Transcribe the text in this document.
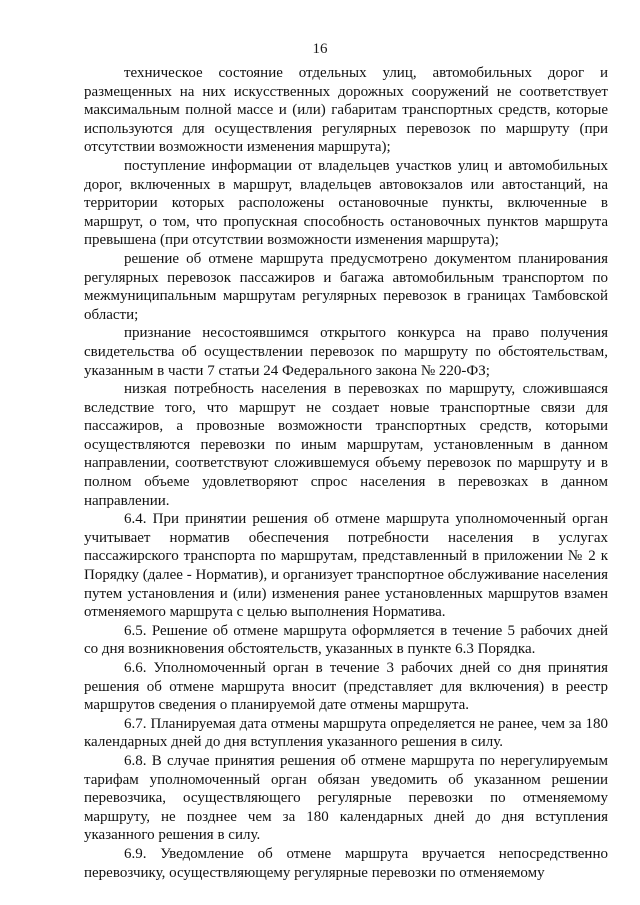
16

техническое состояние отдельных улиц, автомобильных дорог и размещенных на них искусственных дорожных сооружений не соответствует максимальным полной массе и (или) габаритам транспортных средств, которые используются для осуществления регулярных перевозок по маршруту (при отсутствии возможности изменения маршрута);

поступление информации от владельцев участков улиц и автомобильных дорог, включенных в маршрут, владельцев автовокзалов или автостанций, на территории которых расположены остановочные пункты, включенные в маршрут, о том, что пропускная способность остановочных пунктов маршрута превышена (при отсутствии возможности изменения маршрута);

решение об отмене маршрута предусмотрено документом планирования регулярных перевозок пассажиров и багажа автомобильным транспортом по межмуниципальным маршрутам регулярных перевозок в границах Тамбовской области;

признание несостоявшимся открытого конкурса на право получения свидетельства об осуществлении перевозок по маршруту по обстоятельствам, указанным в части 7 статьи 24 Федерального закона № 220-ФЗ;

низкая потребность населения в перевозках по маршруту, сложившаяся вследствие того, что маршрут не создает новые транспортные связи для пассажиров, а провозные возможности транспортных средств, которыми осуществляются перевозки по иным маршрутам, установленным в данном направлении, соответствуют сложившемуся объему перевозок по маршруту и в полном объеме удовлетворяют спрос населения в перевозках в данном направлении.

6.4. При принятии решения об отмене маршрута уполномоченный орган учитывает норматив обеспечения потребности населения в услугах пассажирского транспорта по маршрутам, представленный в приложении № 2 к Порядку (далее - Норматив), и организует транспортное обслуживание населения путем установления и (или) изменения ранее установленных маршрутов взамен отменяемого маршрута с целью выполнения Норматива.

6.5. Решение об отмене маршрута оформляется в течение 5 рабочих дней со дня возникновения обстоятельств, указанных в пункте 6.3 Порядка.

6.6. Уполномоченный орган в течение 3 рабочих дней со дня принятия решения об отмене маршрута вносит (представляет для включения) в реестр маршрутов сведения о планируемой дате отмены маршрута.

6.7. Планируемая дата отмены маршрута определяется не ранее, чем за 180 календарных дней до дня вступления указанного решения в силу.

6.8. В случае принятия решения об отмене маршрута по нерегулируемым тарифам уполномоченный орган обязан уведомить об указанном решении перевозчика, осуществляющего регулярные перевозки по отменяемому маршруту, не позднее чем за 180 календарных дней до дня вступления указанного решения в силу.

6.9. Уведомление об отмене маршрута вручается непосредственно перевозчику, осуществляющему регулярные перевозки по отменяемому
